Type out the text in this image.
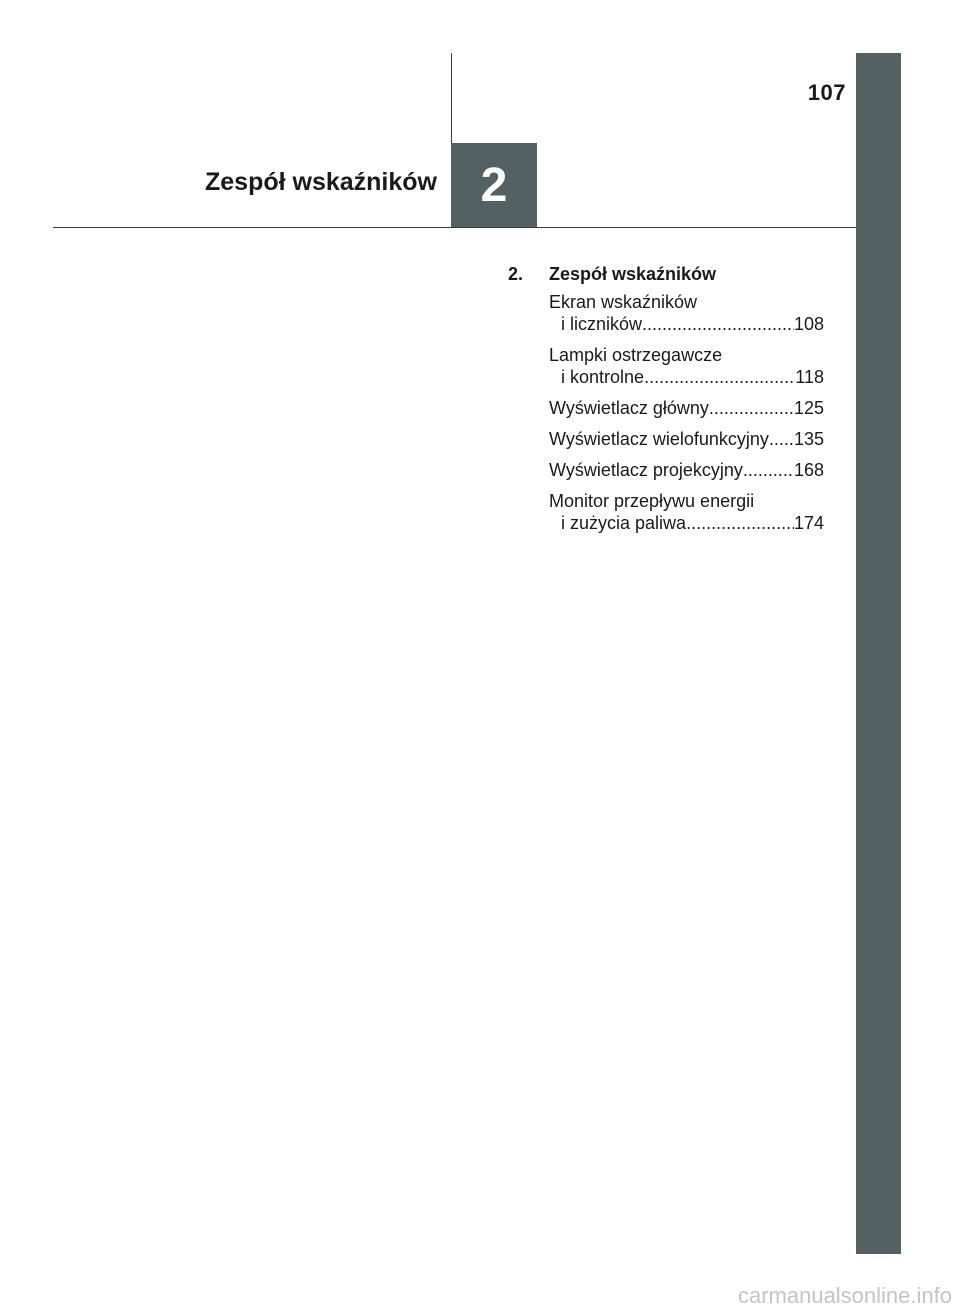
107
Zespół wskaźników 2
2.	Zespół wskaźników
Ekran wskaźników
i liczników .....	108
Lampki ostrzegawcze
i kontrolne .....	118
Wyświetlacz główny .....	125
Wyświetlacz wielofunkcyjny ..... 135
Wyświetlacz projekcyjny .....	168
Monitor przepływu energii
i zużycia paliwa .....	174
carmanualsonline.info
